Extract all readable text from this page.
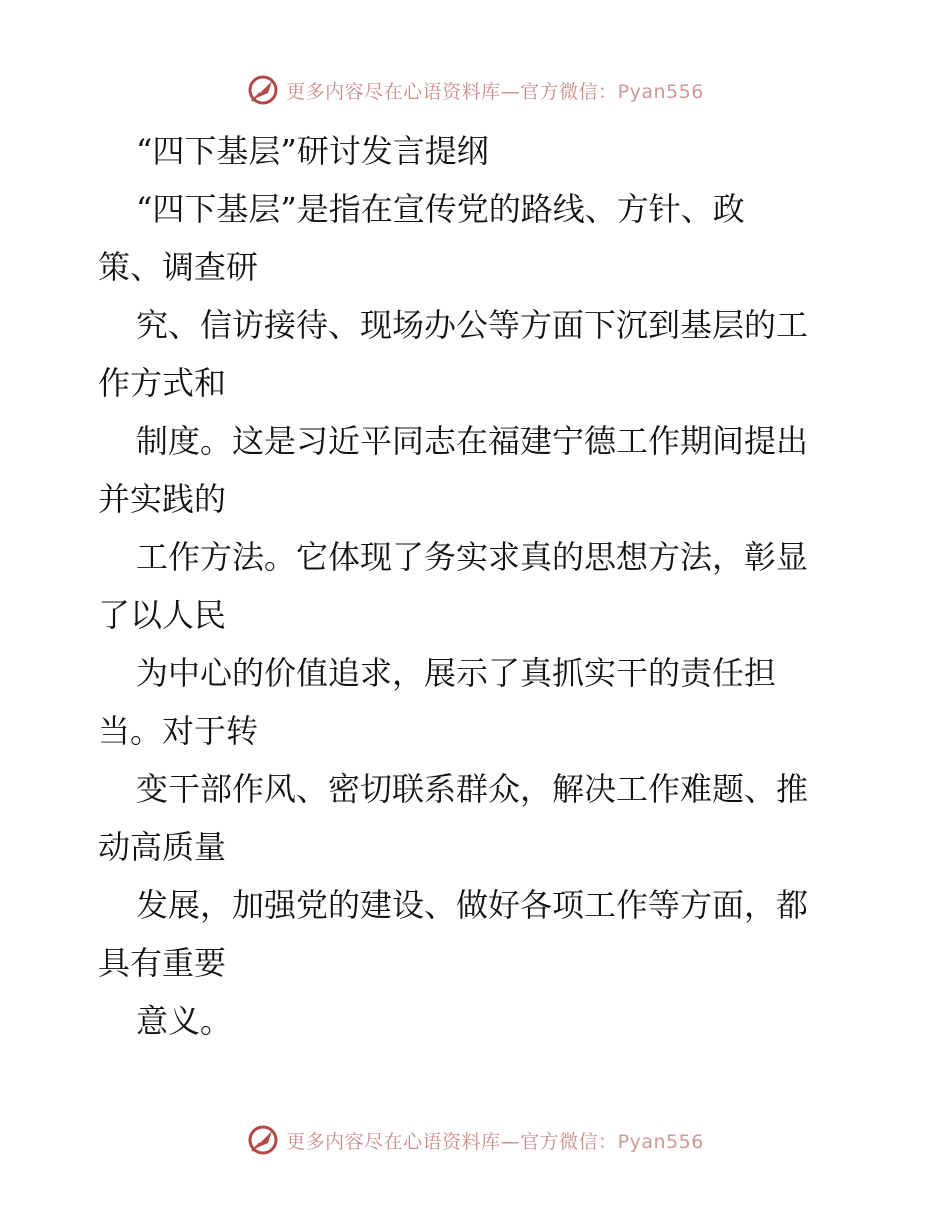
更多内容尽在心语资料库—官方微信：Pyan556
“四下基层”研讨发言提纲
“四下基层”是指在宣传党的路线、方针、政
策、调查研
究、信访接待、现场办公等方面下沉到基层的工
作方式和
制度。这是习近平同志在福建宁德工作期间提出
并实践的
工作方法。它体现了务实求真的思想方法，彰显
了以人民
为中心的价值追求，展示了真抓实干的责任担
当。对于转
变干部作风、密切联系群众，解决工作难题、推
动高质量
发展，加强党的建设、做好各项工作等方面，都
具有重要
意义。
更多内容尽在心语资料库—官方微信：Pyan556
